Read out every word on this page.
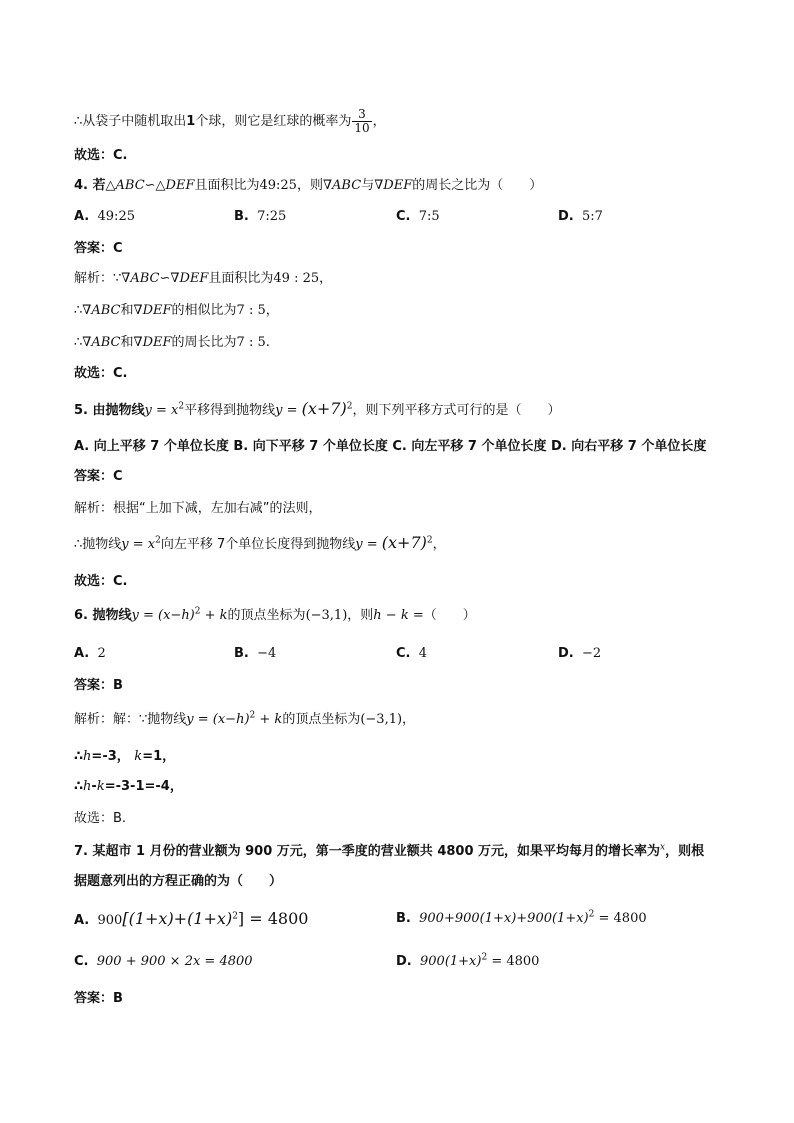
∴从袋子中随机取出1个球，则它是红球的概率为 $\frac{3}{10}$ ，
故选：C.
4. 若△ABC∽△DEF且面积比为49:25，则∇ABC与∇DEF的周长之比为（　　）
A. 49:25	B. 7:25	C. 7:5	D. 5:7
答案：C
解析：∵∇ABC∽∇DEF且面积比为49 : 25，
∴∇ABC和∇DEF的相似比为7 : 5，
∴∇ABC和∇DEF的周长比为7 : 5.
故选：C.
5. 由抛物线$y = x^2$平移得到抛物线$y = (x+7)^2$，则下列平移方式可行的是（　　）
A. 向上平移 7 个单位长度 B. 向下平移 7 个单位长度 C. 向左平移 7 个单位长度 D. 向右平移 7 个单位长度
答案：C
解析：根据“上加下减，左加右减”的法则，
∴抛物线$y = x^2$向左平移 7个单位长度得到抛物线$y = (x+7)^2$，
故选：C.
6. 抛物线$y = (x-h)^2 + k$的顶点坐标为(−3,1)，则h − k =（　　）
A. 2	B. −4	C. 4	D. −2
答案：B
解析：解：∵抛物线$y = (x-h)^2 + k$的顶点坐标为(−3,1)，
∴h=-3， k=1，
∴h-k=-3-1=-4，
故选：B.
7. 某超市 1 月份的营业额为 900 万元，第一季度的营业额共 4800 万元，如果平均每月的增长率为$^x$，则根
据题意列出的方程正确的为（　　）
A. $900[(1+x)+(1+x)^2] = 4800$	B. $900+900(1+x)+900(1+x)^2 = 4800$
C. 900 + 900 × 2x = 4800	D. $900(1+x)^2 = 4800$
答案：B
